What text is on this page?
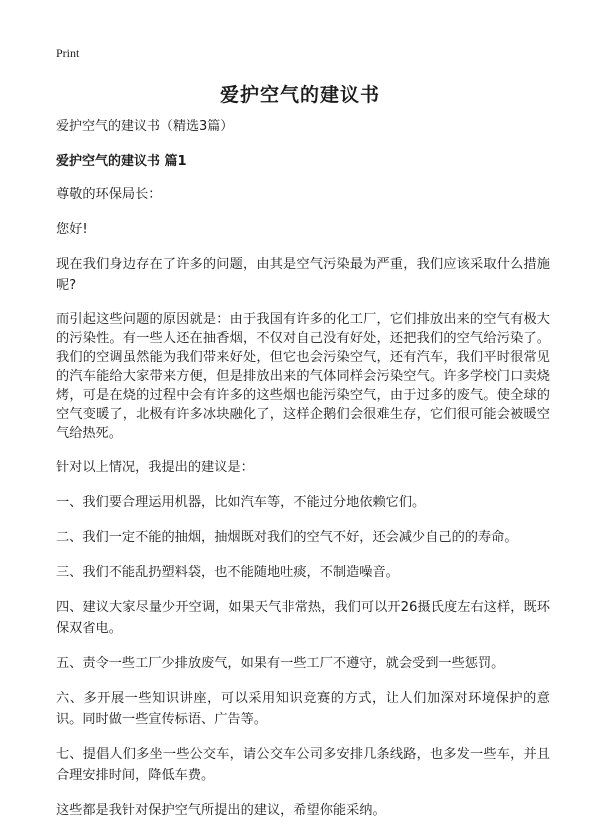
Print
爱护空气的建议书
爱护空气的建议书（精选3篇）
爱护空气的建议书 篇1

尊敬的环保局长：

您好!

现在我们身边存在了许多的问题，由其是空气污染最为严重，我们应该采取什么措施呢?

而引起这些问题的原因就是：由于我国有许多的化工厂，它们排放出来的空气有极大的污染性。有一些人还在抽香烟，不仅对自己没有好处，还把我们的空气给污染了。我们的空调虽然能为我们带来好处，但它也会污染空气，还有汽车，我们平时很常见的汽车能给大家带来方便，但是排放出来的气体同样会污染空气。许多学校门口卖烧烤，可是在烧的过程中会有许多的这些烟也能污染空气，由于过多的废气。使全球的空气变暖了，北极有许多冰块融化了，这样企鹅们会很难生存，它们很可能会被暖空气给热死。

针对以上情况，我提出的建议是：

一、我们要合理运用机器，比如汽车等，不能过分地依赖它们。

二、我们一定不能的抽烟，抽烟既对我们的空气不好，还会减少自己的的寿命。

三、我们不能乱扔塑料袋，也不能随地吐痰，不制造噪音。

四、建议大家尽量少开空调，如果天气非常热，我们可以开26摄氏度左右这样，既环保双省电。

五、责令一些工厂少排放废气，如果有一些工厂不遵守，就会受到一些惩罚。

六、多开展一些知识讲座，可以采用知识竞赛的方式，让人们加深对环境保护的意识。同时做一些宣传标语、广告等。

七、提倡人们多坐一些公交车，请公交车公司多安排几条线路，也多发一些车，并且合理安排时间，降低车费。

这些都是我针对保护空气所提出的建议，希望你能采纳。
